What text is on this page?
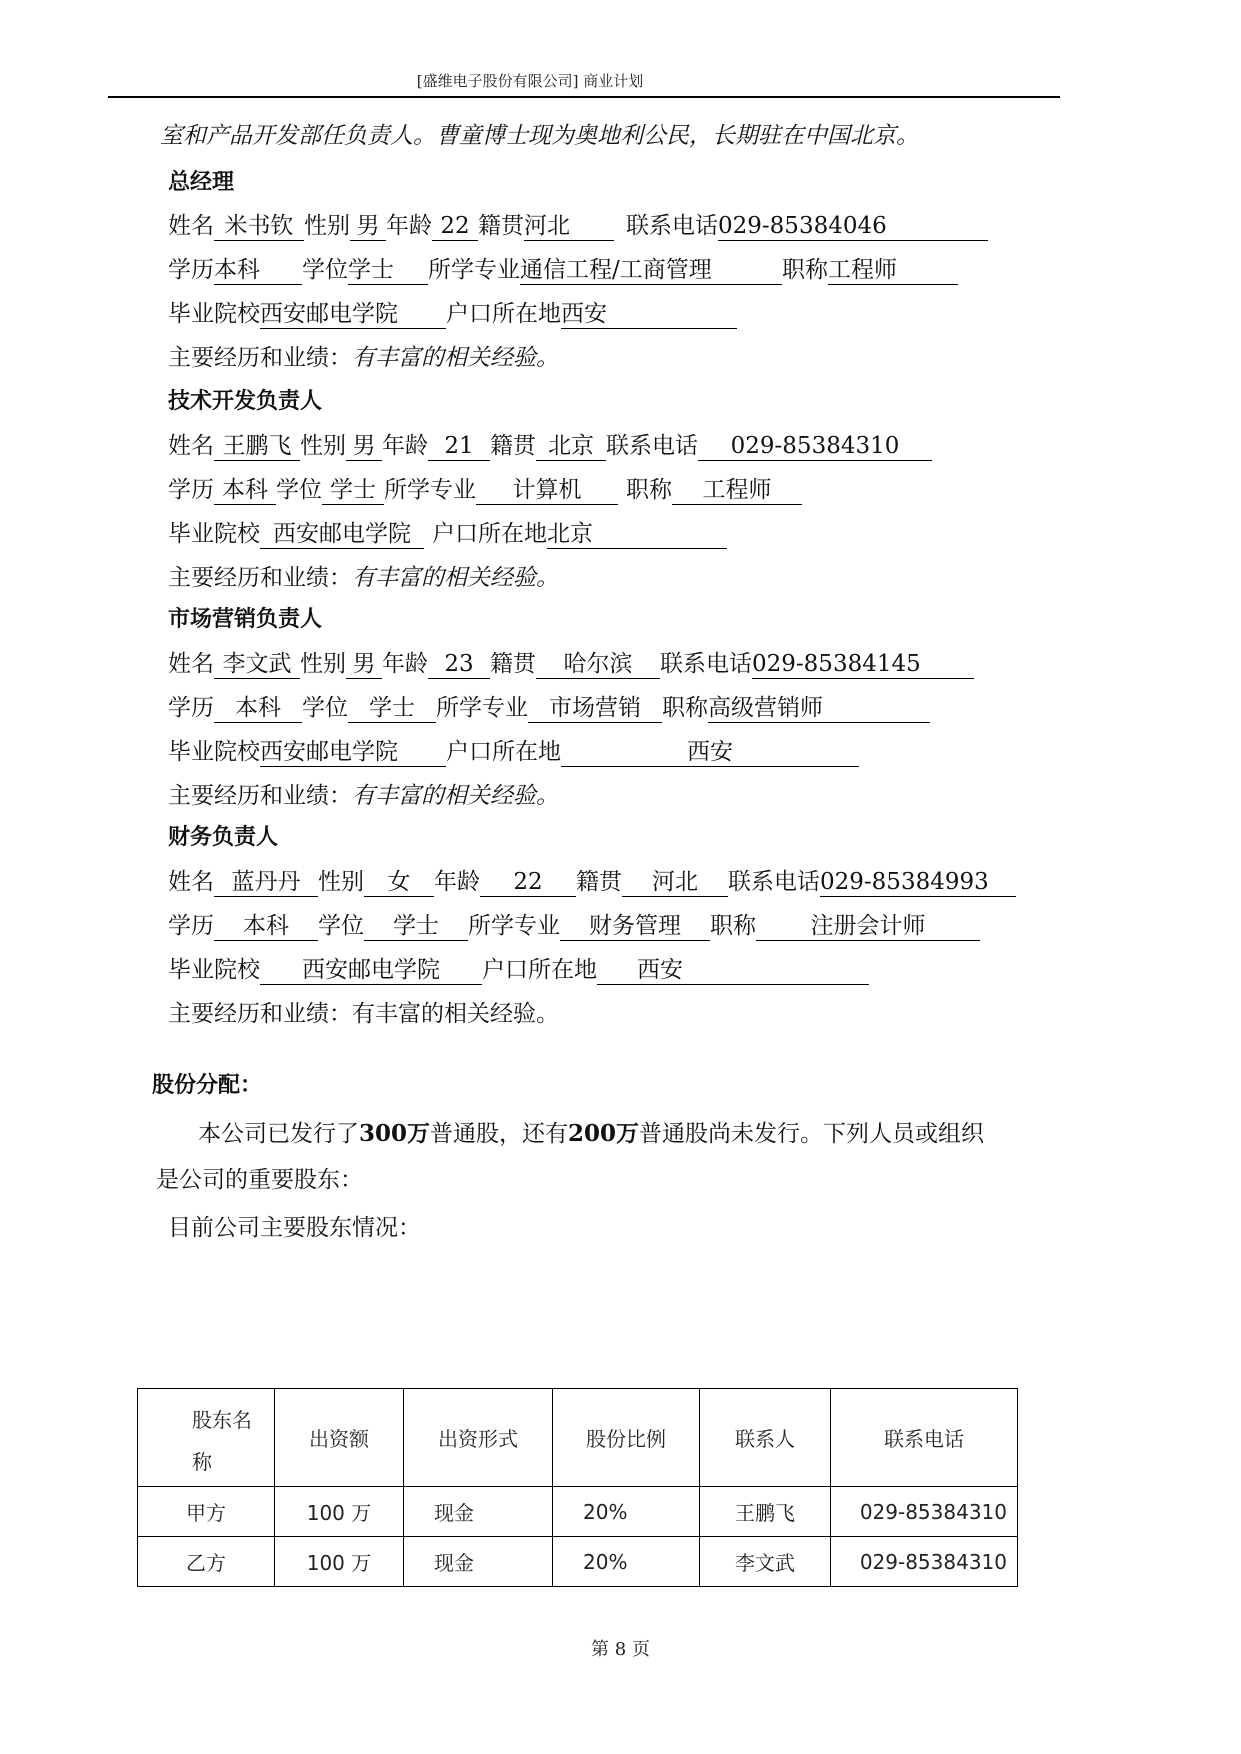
[盛维电子股份有限公司] 商业计划
室和产品开发部任负责人。曹童博士现为奥地利公民，长期驻在中国北京。
总经理
姓名 米书钦 性别 男 年龄 22 籍贯河北 联系电话029-85384046
学历本科 学位学士 所学专业通信工程/工商管理	职称工程师
毕业院校西安邮电学院 户口所在地西安
主要经历和业绩：有丰富的相关经验。
技术开发负责人
姓名 王鹏飞 性别 男 年龄 21 籍贯 北京 联系电话 029-85384310
学历 本科 学位 学士 所学专业 计算机 职称 工程师
毕业院校 西安邮电学院 户口所在地北京
主要经历和业绩：有丰富的相关经验。
市场营销负责人
姓名 李文武 性别 男 年龄 23 籍贯 哈尔滨 联系电话029-85384145
学历 本科 学位 学士 所学专业 市场营销 职称高级营销师
毕业院校西安邮电学院 户口所在地	西安
主要经历和业绩：有丰富的相关经验。
财务负责人
姓名 蓝丹丹 性别 女 年龄 22 籍贯 河北 联系电话029-85384993
学历 本科 学位 学士 所学专业 财务管理 职称 注册会计师
毕业院校 西安邮电学院 户口所在地 西安
主要经历和业绩：有丰富的相关经验。
股份分配：
本公司已发行了300万普通股，还有200万普通股尚未发行。下列人员或组织
是公司的重要股东：
目前公司主要股东情况：
股东名
称	出资额	出资形式	股份比例	联系人	联系电话
甲方	100 万	现金	20%	王鹏飞	029-85384310
乙方	100 万	现金	20%	李文武	029-85384310
第 8 页
